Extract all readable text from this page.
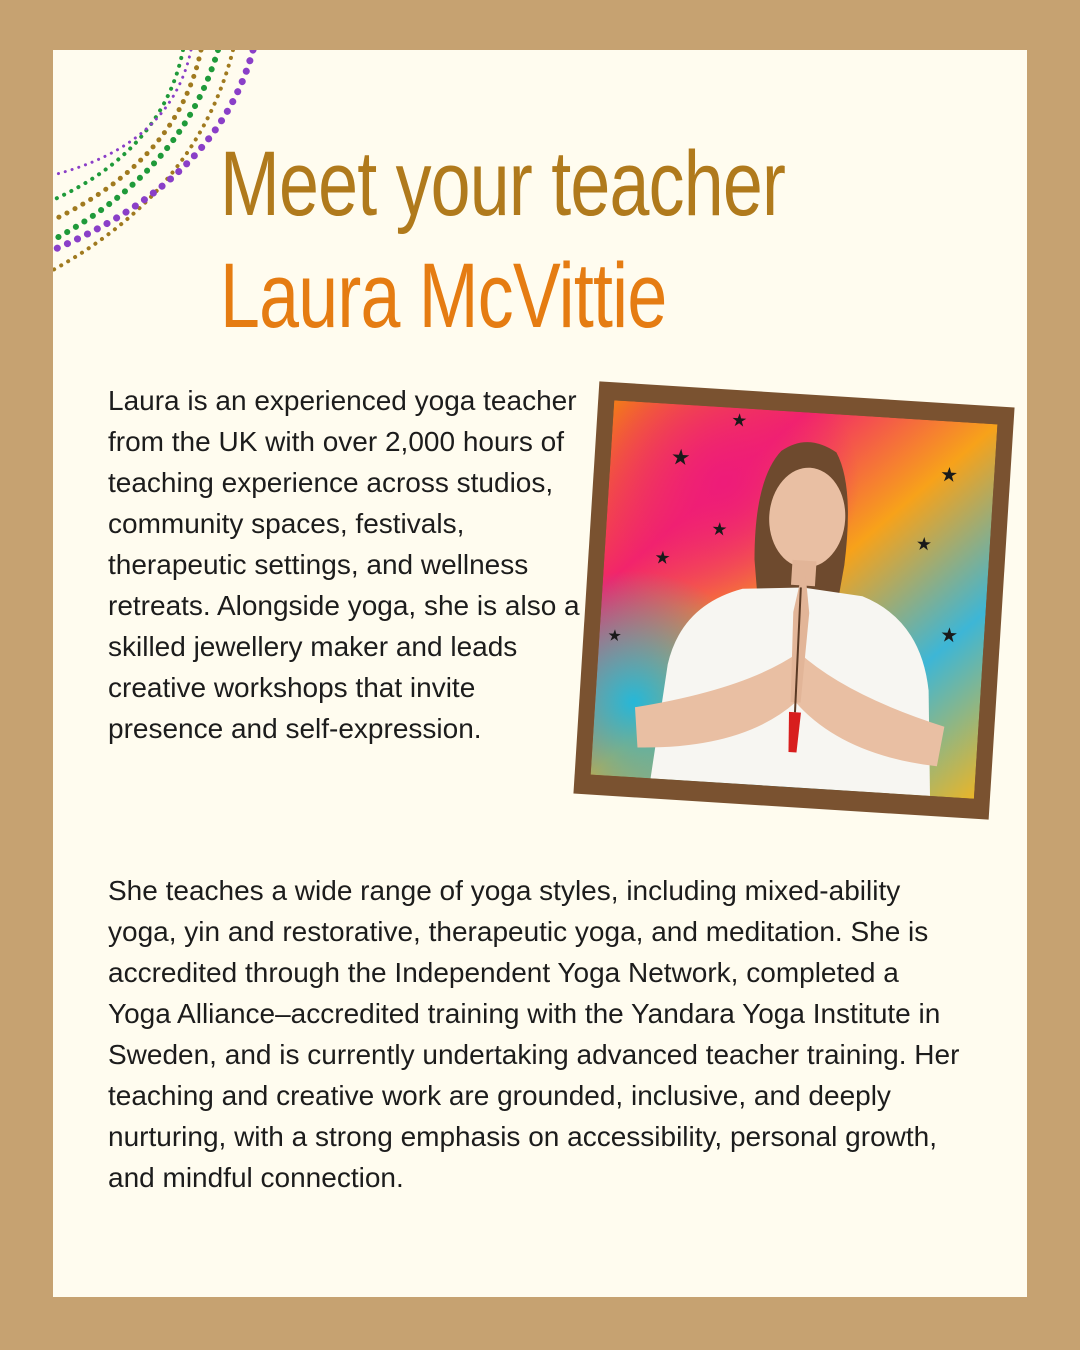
Meet your teacher
Laura McVittie

Laura is an experienced yoga teacher from the UK with over 2,000 hours of teaching experience across studios, community spaces, festivals, therapeutic settings, and wellness retreats. Alongside yoga, she is also a skilled jewellery maker and leads creative workshops that invite presence and self-expression.

★
★
★
★
★
★
★
★

She teaches a wide range of yoga styles, including mixed-ability yoga, yin and restorative, therapeutic yoga, and meditation. She is accredited through the Independent Yoga Network, completed a Yoga Alliance–accredited training with the Yandara Yoga Institute in Sweden, and is currently undertaking advanced teacher training. Her teaching and creative work are grounded, inclusive, and deeply nurturing, with a strong emphasis on accessibility, personal growth, and mindful connection.
